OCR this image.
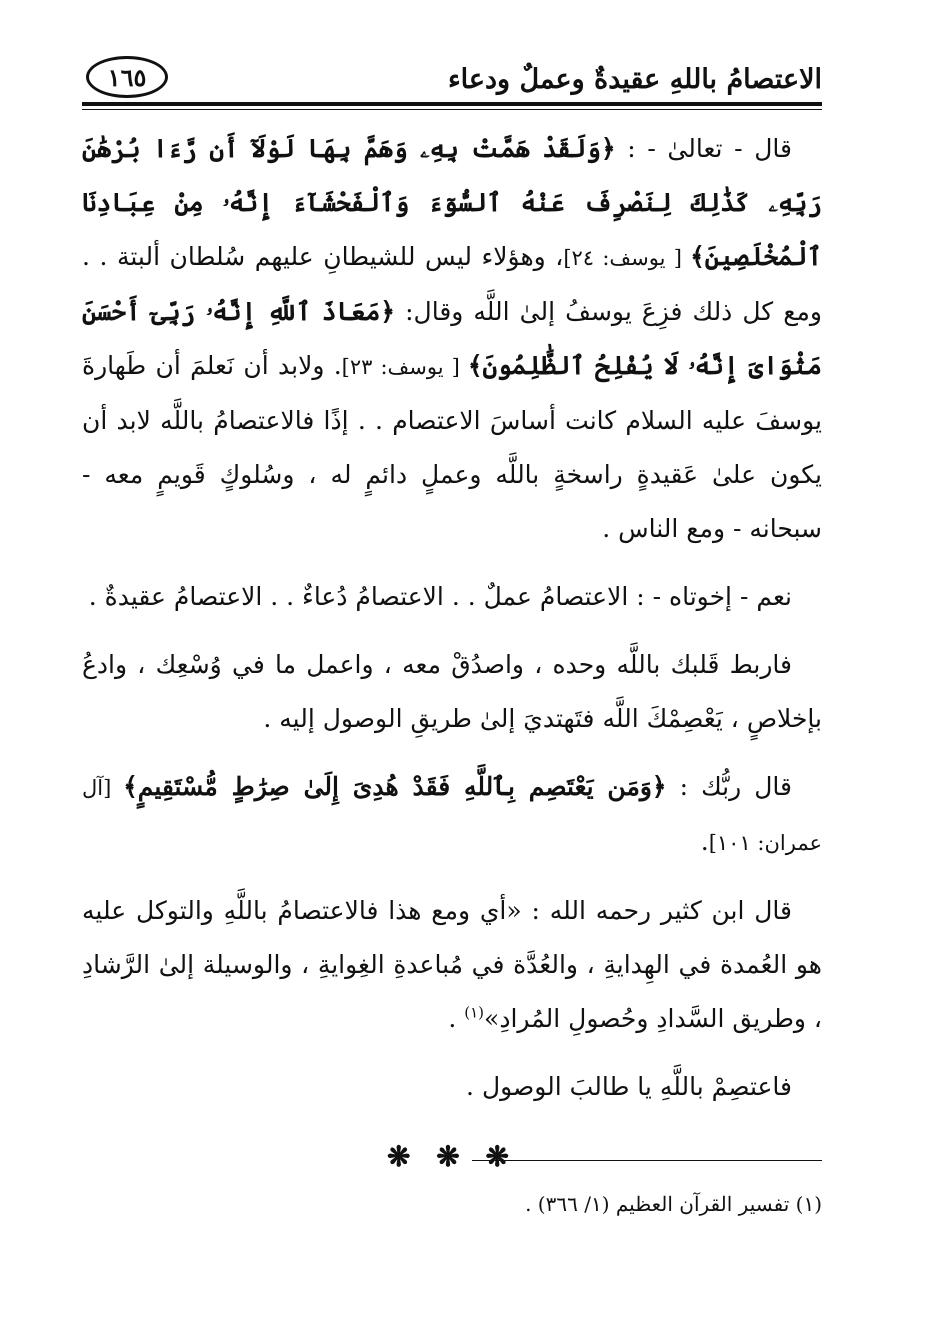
الاعتصامُ باللهِ عقيدةٌ وعملٌ ودعاء
١٦٥

قال - تعالىٰ - : ﴿وَلَقَدْ هَمَّتْ بِهِۦ وَهَمَّ بِهَا لَوْلَآ أَن رَّءَا بُرْهَٰنَ رَبِّهِۦ كَذَٰلِكَ لِنَصْرِفَ عَنْهُ ٱلسُّوٓءَ وَٱلْفَحْشَآءَ إِنَّهُۥ مِنْ عِبَادِنَا ٱلْمُخْلَصِينَ﴾ [ يوسف: ٢٤]، وهؤلاء ليس للشيطانِ عليهم سُلطان ألبتة . . ومع كل ذلك فزِعَ يوسفُ إلىٰ اللَّه وقال: ﴿مَعَاذَ ٱللَّهِ إِنَّهُۥ رَبِّىٓ أَحْسَنَ مَثْوَاىَ إِنَّهُۥ لَا يُفْلِحُ ٱلظَّٰلِمُونَ﴾ [ يوسف: ٢٣]. ولابد أن نَعلمَ أن طَهارةَ يوسفَ عليه السلام كانت أساسَ الاعتصام . . إذًا فالاعتصامُ باللَّه لابد أن يكون علىٰ عَقيدةٍ راسخةٍ باللَّه وعملٍ دائمٍ له ، وسُلوكٍ قَويمٍ معه - سبحانه - ومع الناس .

نعم - إخوتاه - : الاعتصامُ عملٌ . . الاعتصامُ دُعاءٌ . . الاعتصامُ عقيدةٌ .

فاربط قَلبك باللَّه وحده ، واصدُقْ معه ، واعمل ما في وُسْعِك ، وادعُ بإخلاصٍ ، يَعْصِمْكَ اللَّه فتَهتديَ إلىٰ طريقِ الوصول إليه .

قال ربُّك : ﴿وَمَن يَعْتَصِم بِٱللَّهِ فَقَدْ هُدِىَ إِلَىٰ صِرَٰطٍ مُّسْتَقِيمٍ﴾ [آل عمران: ١٠١].

قال ابن كثير رحمه الله : «أي ومع هذا فالاعتصامُ باللَّهِ والتوكل عليه هو العُمدة في الهِدايةِ ، والعُدَّة في مُباعدةِ الغِوايةِ ، والوسيلة إلىٰ الرَّشادِ ، وطريق السَّدادِ وحُصولِ المُرادِ»$^{(١)}$ .

فاعتصِمْ باللَّهِ يا طالبَ الوصول .

❋ ❋ ❋
(١) تفسير القرآن العظيم (١/ ٣٦٦) .
